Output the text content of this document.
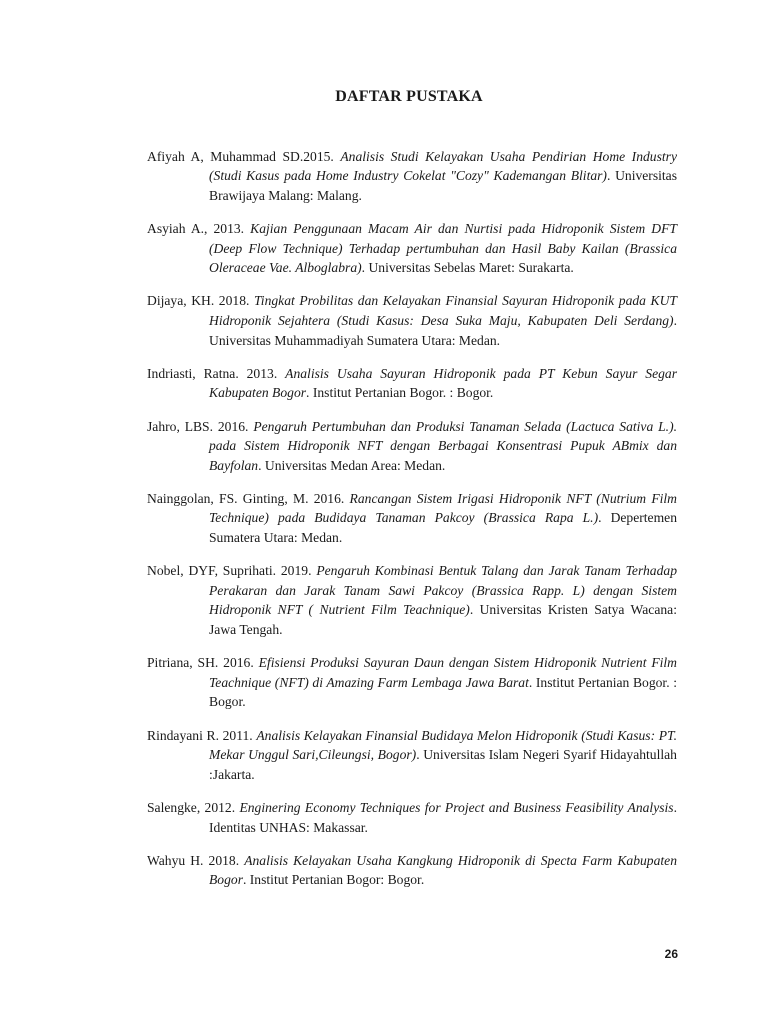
DAFTAR PUSTAKA

Afiyah A, Muhammad SD.2015. Analisis Studi Kelayakan Usaha Pendirian Home Industry (Studi Kasus pada Home Industry Cokelat "Cozy" Kademangan Blitar). Universitas Brawijaya Malang: Malang.

Asyiah A., 2013. Kajian Penggunaan Macam Air dan Nurtisi pada Hidroponik Sistem DFT (Deep Flow Technique) Terhadap pertumbuhan dan Hasil Baby Kailan (Brassica Oleraceae Vae. Alboglabra). Universitas Sebelas Maret: Surakarta.

Dijaya, KH. 2018. Tingkat Probilitas dan Kelayakan Finansial Sayuran Hidroponik pada KUT Hidroponik Sejahtera (Studi Kasus: Desa Suka Maju, Kabupaten Deli Serdang). Universitas Muhammadiyah Sumatera Utara: Medan.

Indriasti, Ratna. 2013. Analisis Usaha Sayuran Hidroponik pada PT Kebun Sayur Segar Kabupaten Bogor. Institut Pertanian Bogor. : Bogor.

Jahro, LBS. 2016. Pengaruh Pertumbuhan dan Produksi Tanaman Selada (Lactuca Sativa L.). pada Sistem Hidroponik NFT dengan Berbagai Konsentrasi Pupuk ABmix dan Bayfolan. Universitas Medan Area: Medan.

Nainggolan, FS. Ginting, M. 2016. Rancangan Sistem Irigasi Hidroponik NFT (Nutrium Film Technique) pada Budidaya Tanaman Pakcoy (Brassica Rapa L.). Depertemen Sumatera Utara: Medan.

Nobel, DYF, Suprihati. 2019. Pengaruh Kombinasi Bentuk Talang dan Jarak Tanam Terhadap Perakaran dan Jarak Tanam Sawi Pakcoy (Brassica Rapp. L) dengan Sistem Hidroponik NFT ( Nutrient Film Teachnique). Universitas Kristen Satya Wacana: Jawa Tengah.

Pitriana, SH. 2016. Efisiensi Produksi Sayuran Daun dengan Sistem Hidroponik Nutrient Film Teachnique (NFT) di Amazing Farm Lembaga Jawa Barat. Institut Pertanian Bogor. : Bogor.

Rindayani R. 2011. Analisis Kelayakan Finansial Budidaya Melon Hidroponik (Studi Kasus: PT. Mekar Unggul Sari,Cileungsi, Bogor). Universitas Islam Negeri Syarif Hidayahtullah :Jakarta.

Salengke, 2012. Enginering Economy Techniques for Project and Business Feasibility Analysis. Identitas UNHAS: Makassar.

Wahyu H. 2018. Analisis Kelayakan Usaha Kangkung Hidroponik di Specta Farm Kabupaten Bogor. Institut Pertanian Bogor: Bogor.

26
